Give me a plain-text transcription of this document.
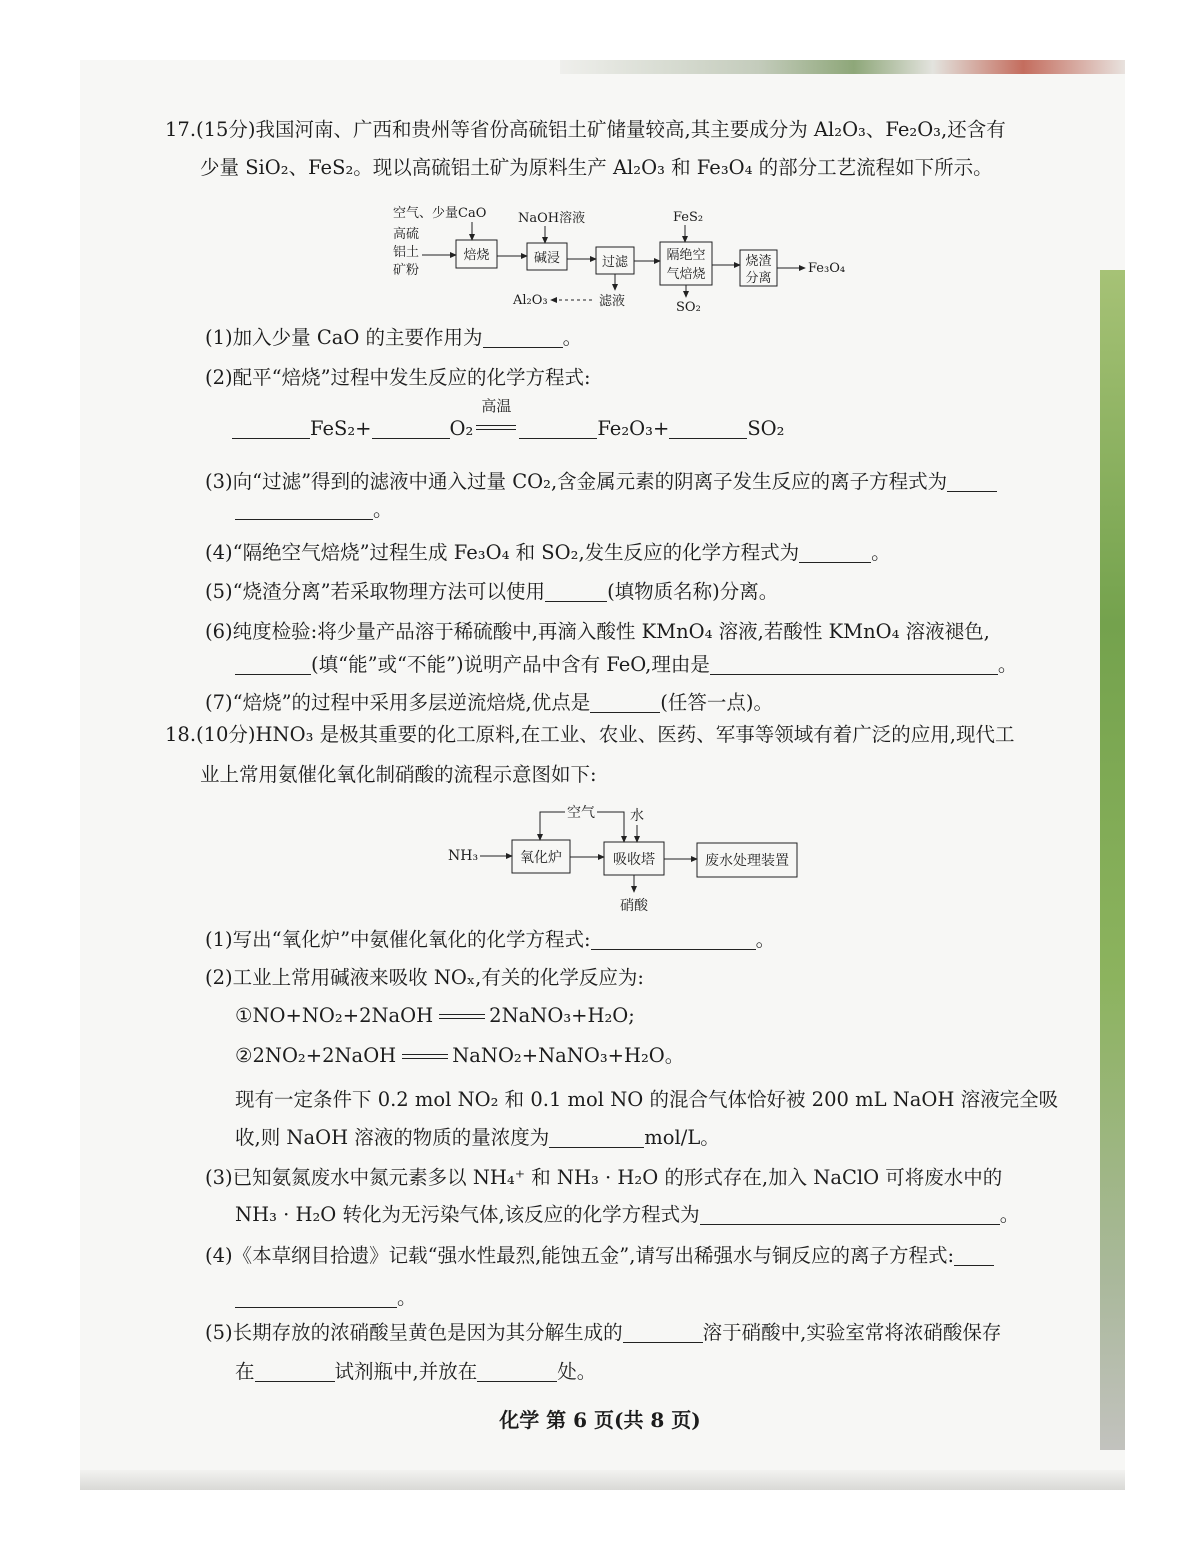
17.(15分)我国河南、广西和贵州等省份高硫铝土矿储量较高,其主要成分为 Al₂O₃、Fe₂O₃,还含有
少量 SiO₂、FeS₂。现以高硫铝土矿为原料生产 Al₂O₃ 和 Fe₃O₄ 的部分工艺流程如下所示。
空气、少量CaO NaOH溶液	FeS₂
高硫
铝土
矿粉
焙烧	碱浸	过滤	隔绝空
气焙烧
烧渣
分离
Fe₃O₄
滤液
Al₂O₃	SO₂
(1)加入少量 CaO 的主要作用为	。
(2)配平“焙烧”过程中发生反应的化学方程式:
FeS₂+	O₂
高温
Fe₂O₃+	SO₂
(3)向“过滤”得到的滤液中通入过量 CO₂,含金属元素的阴离子发生反应的离子方程式为
。
(4)“隔绝空气焙烧”过程生成 Fe₃O₄ 和 SO₂,发生反应的化学方程式为	。
(5)“烧渣分离”若采取物理方法可以使用	(填物质名称)分离。
(6)纯度检验:将少量产品溶于稀硫酸中,再滴入酸性 KMnO₄ 溶液,若酸性 KMnO₄ 溶液褪色,
(填“能”或“不能”)说明产品中含有 FeO,理由是	。
(7)“焙烧”的过程中采用多层逆流焙烧,优点是	(任答一点)。
18.(10分)HNO₃ 是极其重要的化工原料,在工业、农业、医药、军事等领域有着广泛的应用,现代工
业上常用氨催化氧化制硝酸的流程示意图如下:
空气	水
NH₃	氧化炉	吸收塔	废水处理装置
硝酸
(1)写出“氧化炉”中氨催化氧化的化学方程式:	。
(2)工业上常用碱液来吸收 NOₓ,有关的化学反应为:
①NO+NO₂+2NaOH	2NaNO₃+H₂O;
②2NO₂+2NaOH	NaNO₂+NaNO₃+H₂O。
现有一定条件下 0.2 mol NO₂ 和 0.1 mol NO 的混合气体恰好被 200 mL NaOH 溶液完全吸
收,则 NaOH 溶液的物质的量浓度为	mol/L。
(3)已知氨氮废水中氮元素多以 NH₄⁺ 和 NH₃ · H₂O 的形式存在,加入 NaClO 可将废水中的
NH₃ · H₂O 转化为无污染气体,该反应的化学方程式为	。
(4)《本草纲目拾遗》记载“强水性最烈,能蚀五金”,请写出稀强水与铜反应的离子方程式:
。
(5)长期存放的浓硝酸呈黄色是因为其分解生成的	溶于硝酸中,实验室常将浓硝酸保存
在	试剂瓶中,并放在	处。
化学 第 6 页(共 8 页)
